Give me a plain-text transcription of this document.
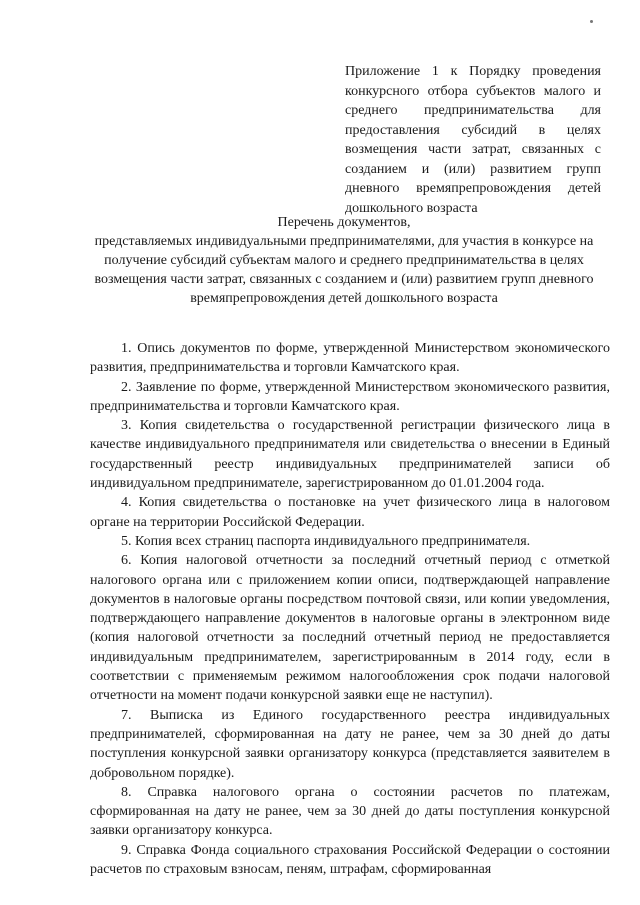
Приложение 1 к Порядку проведения конкурсного отбора субъектов малого и среднего предпринимательства для предоставления субсидий в целях возмещения части затрат, связанных с созданием и (или) развитием групп дневного времяпрепровождения детей дошкольного возраста
Перечень документов,
представляемых индивидуальными предпринимателями, для участия в конкурсе на получение субсидий субъектам малого и среднего предпринимательства в целях возмещения части затрат, связанных с созданием и (или) развитием групп дневного времяпрепровождения детей дошкольного возраста

1. Опись документов по форме, утвержденной Министерством экономического развития, предпринимательства и торговли Камчатского края.

2. Заявление по форме, утвержденной Министерством экономического развития, предпринимательства и торговли Камчатского края.

3. Копия свидетельства о государственной регистрации физического лица в качестве индивидуального предпринимателя или свидетельства о внесении в Единый государственный реестр индивидуальных предпринимателей записи об индивидуальном предпринимателе, зарегистрированном до 01.01.2004 года.

4. Копия свидетельства о постановке на учет физического лица в налоговом органе на территории Российской Федерации.

5. Копия всех страниц паспорта индивидуального предпринимателя.

6. Копия налоговой отчетности за последний отчетный период с отметкой налогового органа или с приложением копии описи, подтверждающей направление документов в налоговые органы посредством почтовой связи, или копии уведомления, подтверждающего направление документов в налоговые органы в электронном виде (копия налоговой отчетности за последний отчетный период не предоставляется индивидуальным предпринимателем, зарегистрированным в 2014 году, если в соответствии с применяемым режимом налогообложения срок подачи налоговой отчетности на момент подачи конкурсной заявки еще не наступил).

7. Выписка из Единого государственного реестра индивидуальных предпринимателей, сформированная на дату не ранее, чем за 30 дней до даты поступления конкурсной заявки организатору конкурса (представляется заявителем в добровольном порядке).

8. Справка налогового органа о состоянии расчетов по платежам, сформированная на дату не ранее, чем за 30 дней до даты поступления конкурсной заявки организатору конкурса.

9. Справка Фонда социального страхования Российской Федерации о состоянии расчетов по страховым взносам, пеням, штрафам, сформированная
